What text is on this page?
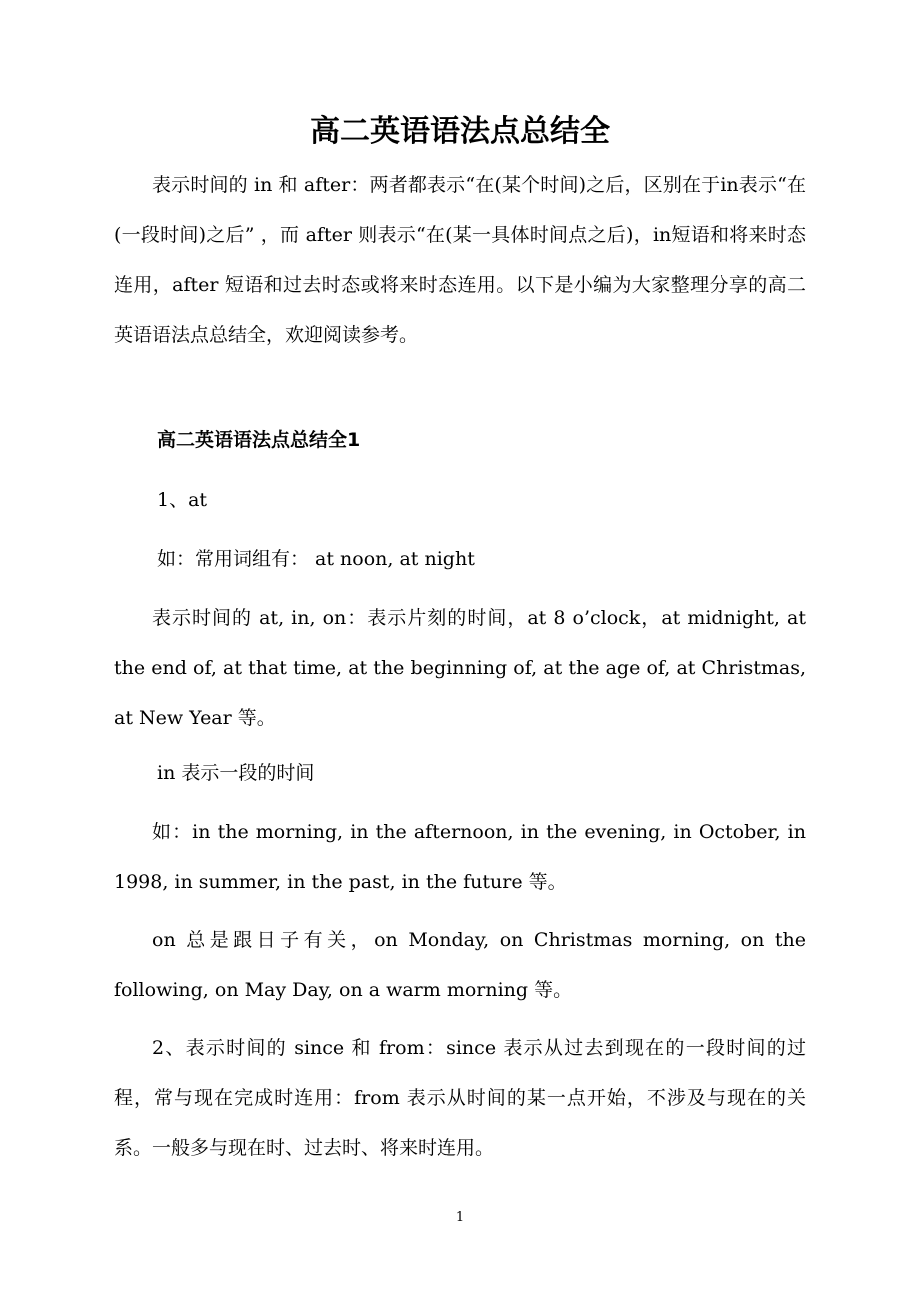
高二英语语法点总结全

表示时间的 in 和 after：两者都表示“在(某个时间)之后，区别在于in表示“在(一段时间)之后” ，而 after 则表示“在(某一具体时间点之后)，in短语和将来时态连用，after 短语和过去时态或将来时态连用。以下是小编为大家整理分享的高二英语语法点总结全，欢迎阅读参考。

高二英语语法点总结全1
1、at
如：常用词组有： at noon, at night

表示时间的 at, in, on：表示片刻的时间，at 8 o’clock，at midnight, at the end of, at that time, at the beginning of, at the age of, at Christmas, at New Year 等。

in 表示一段的时间

如：in the morning, in the afternoon, in the evening, in October, in 1998, in summer, in the past, in the future 等。

on 总是跟日子有关，on Monday, on Christmas morning, on the following, on May Day, on a warm morning 等。

2、表示时间的 since 和 from：since 表示从过去到现在的一段时间的过程，常与现在完成时连用：from 表示从时间的某一点开始，不涉及与现在的关系。一般多与现在时、过去时、将来时连用。

1
